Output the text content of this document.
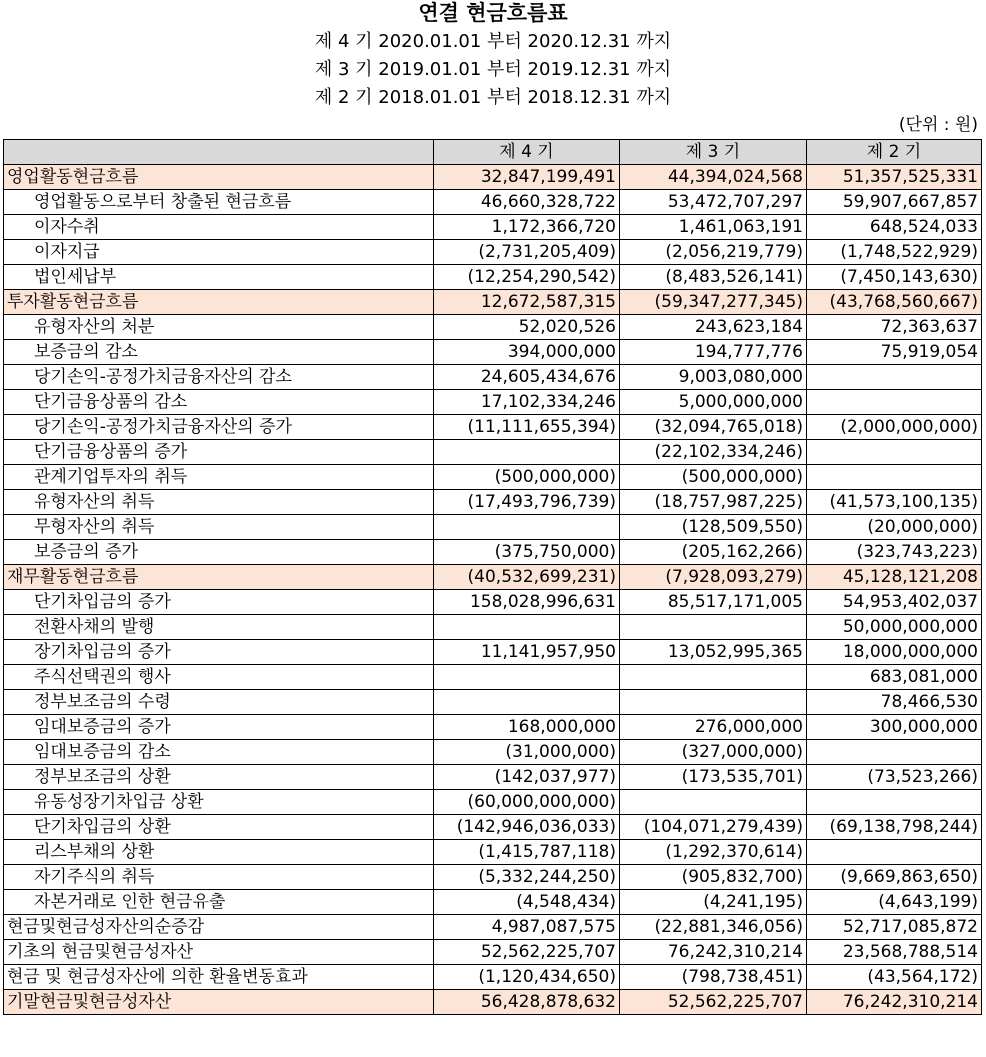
연결 현금흐름표
제 4 기 2020.01.01 부터 2020.12.31 까지
제 3 기 2019.01.01 부터 2019.12.31 까지
제 2 기 2018.01.01 부터 2018.12.31 까지
(단위 : 원)
	제 4 기	제 3 기	제 2 기
영업활동현금흐름	32,847,199,491	44,394,024,568	51,357,525,331
영업활동으로부터 창출된 현금흐름	46,660,328,722	53,472,707,297	59,907,667,857
이자수취	1,172,366,720	1,461,063,191	648,524,033
이자지급	(2,731,205,409)	(2,056,219,779)	(1,748,522,929)
법인세납부	(12,254,290,542)	(8,483,526,141)	(7,450,143,630)
투자활동현금흐름	12,672,587,315	(59,347,277,345)	(43,768,560,667)
유형자산의 처분	52,020,526	243,623,184	72,363,637
보증금의 감소	394,000,000	194,777,776	75,919,054
당기손익-공정가치금융자산의 감소	24,605,434,676	9,003,080,000	
단기금융상품의 감소	17,102,334,246	5,000,000,000	
당기손익-공정가치금융자산의 증가	(11,111,655,394)	(32,094,765,018)	(2,000,000,000)
단기금융상품의 증가		(22,102,334,246)	
관계기업투자의 취득	(500,000,000)	(500,000,000)	
유형자산의 취득	(17,493,796,739)	(18,757,987,225)	(41,573,100,135)
무형자산의 취득		(128,509,550)	(20,000,000)
보증금의 증가	(375,750,000)	(205,162,266)	(323,743,223)
재무활동현금흐름	(40,532,699,231)	(7,928,093,279)	45,128,121,208
단기차입금의 증가	158,028,996,631	85,517,171,005	54,953,402,037
전환사채의 발행			50,000,000,000
장기차입금의 증가	11,141,957,950	13,052,995,365	18,000,000,000
주식선택권의 행사			683,081,000
정부보조금의 수령			78,466,530
임대보증금의 증가	168,000,000	276,000,000	300,000,000
임대보증금의 감소	(31,000,000)	(327,000,000)	
정부보조금의 상환	(142,037,977)	(173,535,701)	(73,523,266)
유동성장기차입금 상환	(60,000,000,000)		
단기차입금의 상환	(142,946,036,033)	(104,071,279,439)	(69,138,798,244)
리스부채의 상환	(1,415,787,118)	(1,292,370,614)	
자기주식의 취득	(5,332,244,250)	(905,832,700)	(9,669,863,650)
자본거래로 인한 현금유출	(4,548,434)	(4,241,195)	(4,643,199)
현금및현금성자산의순증감	4,987,087,575	(22,881,346,056)	52,717,085,872
기초의 현금및현금성자산	52,562,225,707	76,242,310,214	23,568,788,514
현금 및 현금성자산에 의한 환율변동효과	(1,120,434,650)	(798,738,451)	(43,564,172)
기말현금및현금성자산	56,428,878,632	52,562,225,707	76,242,310,214
